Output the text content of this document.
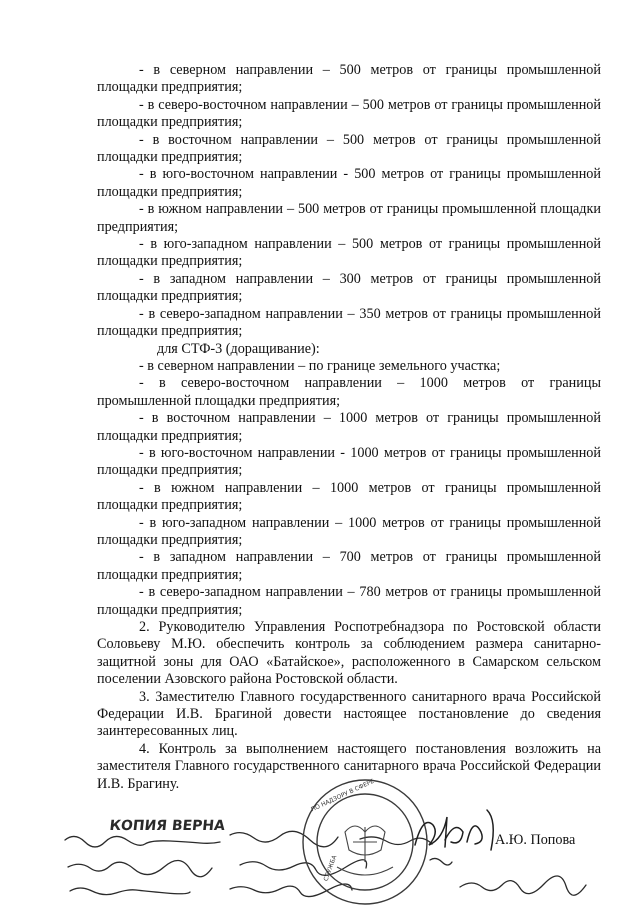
- в северном направлении – 500 метров от границы промышленной площадки предприятия;

- в северо-восточном направлении – 500 метров от границы промышленной площадки предприятия;

- в восточном направлении – 500 метров от границы промышленной площадки предприятия;

- в юго-восточном направлении - 500 метров от границы промышленной площадки предприятия;

- в южном направлении – 500 метров от границы промышленной площадки предприятия;

- в юго-западном направлении – 500 метров от границы промышленной площадки предприятия;

- в западном направлении – 300 метров от границы промышленной площадки предприятия;

- в северо-западном направлении – 350 метров от границы промышленной площадки предприятия;

для СТФ-3 (доращивание):

- в северном направлении – по границе земельного участка;

- в северо-восточном направлении – 1000 метров от границы промышленной площадки предприятия;

- в восточном направлении – 1000 метров от границы промышленной площадки предприятия;

- в юго-восточном направлении - 1000 метров от границы промышленной площадки предприятия;

- в южном направлении – 1000 метров от границы промышленной площадки предприятия;

- в юго-западном направлении – 1000 метров от границы промышленной площадки предприятия;

- в западном направлении – 700 метров от границы промышленной площадки предприятия;

- в северо-западном направлении – 780 метров от границы промышленной площадки предприятия;

2. Руководителю Управления Роспотребнадзора по Ростовской области Соловьеву М.Ю. обеспечить контроль за соблюдением размера санитарно-защитной зоны для ОАО «Батайское», расположенного в Самарском сельском поселении Азовского района Ростовской области.

3. Заместителю Главного государственного санитарного врача Российской Федерации И.В. Брагиной довести настоящее постановление до сведения заинтересованных лиц.

4. Контроль за выполнением настоящего постановления возложить на заместителя Главного государственного санитарного врача Российской Федерации И.В. Брагину.	ПО НАДЗОРУ В СФЕРЕ
СЛУЖБА
КОПИЯ ВЕРНА
А.Ю. Попова
